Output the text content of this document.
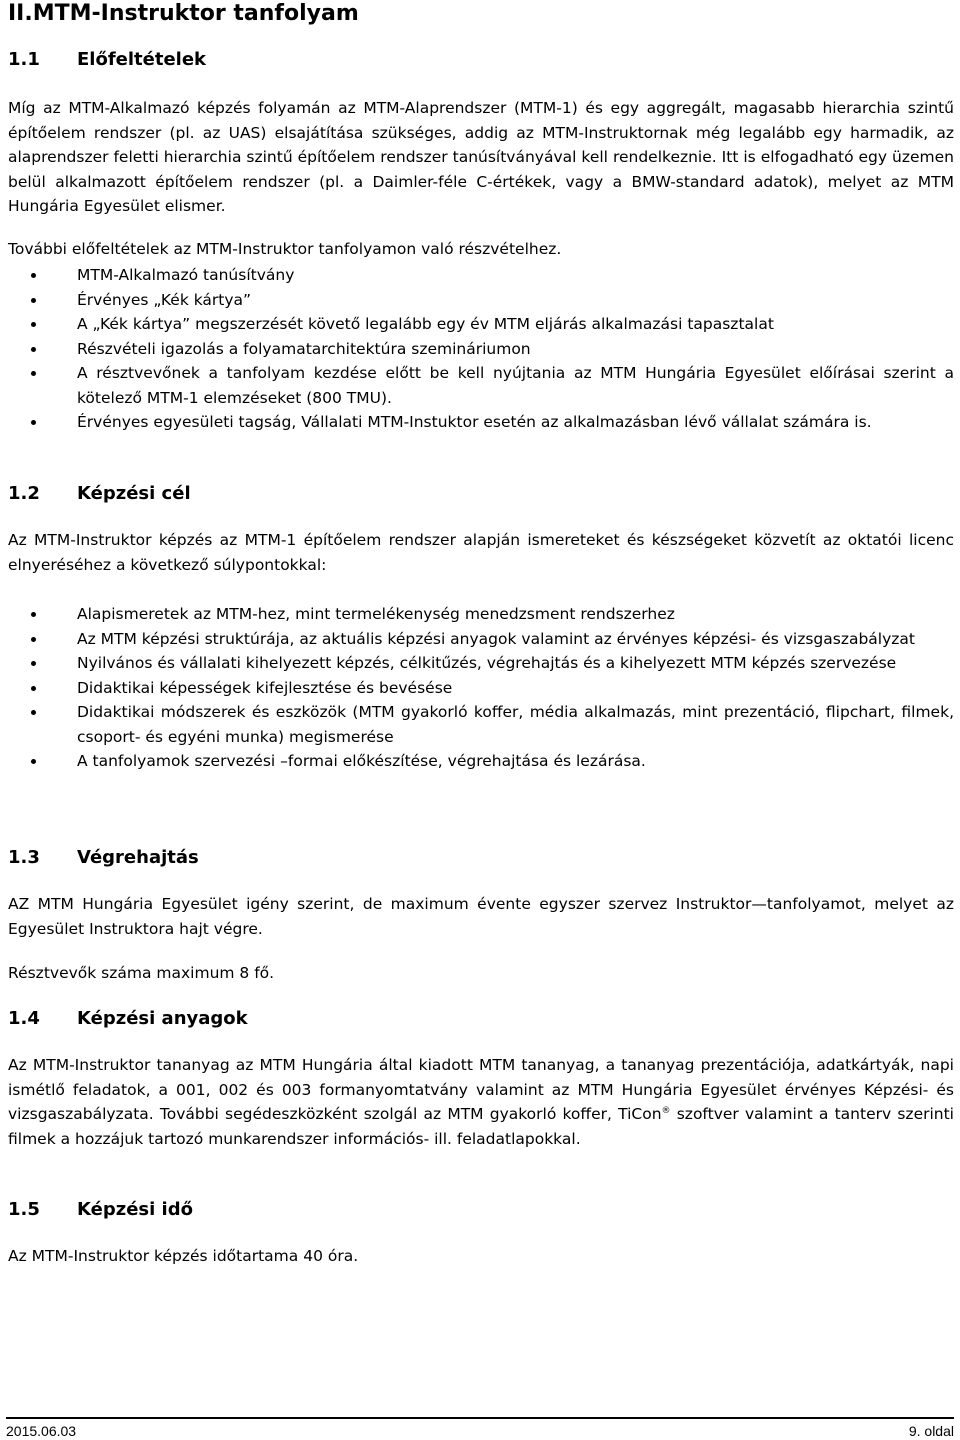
II.MTM-Instruktor tanfolyam
1.1 Előfeltételek

Míg az MTM-Alkalmazó képzés folyamán az MTM-Alaprendszer (MTM-1) és egy aggregált, magasabb hierarchia szintű építőelem rendszer (pl. az UAS) elsajátítása szükséges, addig az MTM-Instruktornak még legalább egy harmadik, az alaprendszer feletti hierarchia szintű építőelem rendszer tanúsítványával kell rendelkeznie. Itt is elfogadható egy üzemen belül alkalmazott építőelem rendszer (pl. a Daimler-féle C-értékek, vagy a BMW-standard adatok), melyet az MTM Hungária Egyesület elismer.

További előfeltételek az MTM-Instruktor tanfolyamon való részvételhez.

MTM-Alkalmazó tanúsítvány
Érvényes „Kék kártya”
A „Kék kártya” megszerzését követő legalább egy év MTM eljárás alkalmazási tapasztalat
Részvételi igazolás a folyamatarchitektúra szemináriumon
A résztvevőnek a tanfolyam kezdése előtt be kell nyújtania az MTM Hungária Egyesület előírásai szerint a kötelező MTM-1 elemzéseket (800 TMU).
Érvényes egyesületi tagság, Vállalati MTM-Instuktor esetén az alkalmazásban lévő vállalat számára is.
1.2 Képzési cél

Az MTM-Instruktor képzés az MTM-1 építőelem rendszer alapján ismereteket és készségeket közvetít az oktatói licenc elnyeréséhez a következő súlypontokkal:

Alapismeretek az MTM-hez, mint termelékenység menedzsment rendszerhez
Az MTM képzési struktúrája, az aktuális képzési anyagok valamint az érvényes képzési- és vizsgaszabályzat
Nyilvános és vállalati kihelyezett képzés, célkitűzés, végrehajtás és a kihelyezett MTM képzés szervezése
Didaktikai képességek kifejlesztése és bevésése
Didaktikai módszerek és eszközök (MTM gyakorló koffer, média alkalmazás, mint prezentáció, flipchart, filmek, csoport- és egyéni munka) megismerése
A tanfolyamok szervezési –formai előkészítése, végrehajtása és lezárása.
1.3 Végrehajtás

AZ MTM Hungária Egyesület igény szerint, de maximum évente egyszer szervez Instruktor—tanfolyamot, melyet az Egyesület Instruktora hajt végre.

Résztvevők száma maximum 8 fő.

1.4 Képzési anyagok

Az MTM-Instruktor tananyag az MTM Hungária által kiadott MTM tananyag, a tananyag prezentációja, adatkártyák, napi ismétlő feladatok, a 001, 002 és 003 formanyomtatvány valamint az MTM Hungária Egyesület érvényes Képzési- és vizsgaszabályzata. További segédeszközként szolgál az MTM gyakorló koffer, TiCon® szoftver valamint a tanterv szerinti filmek a hozzájuk tartozó munkarendszer információs- ill. feladatlapokkal.

1.5 Képzési idő

Az MTM-Instruktor képzés időtartama 40 óra.

2015.06.03	9. oldal
